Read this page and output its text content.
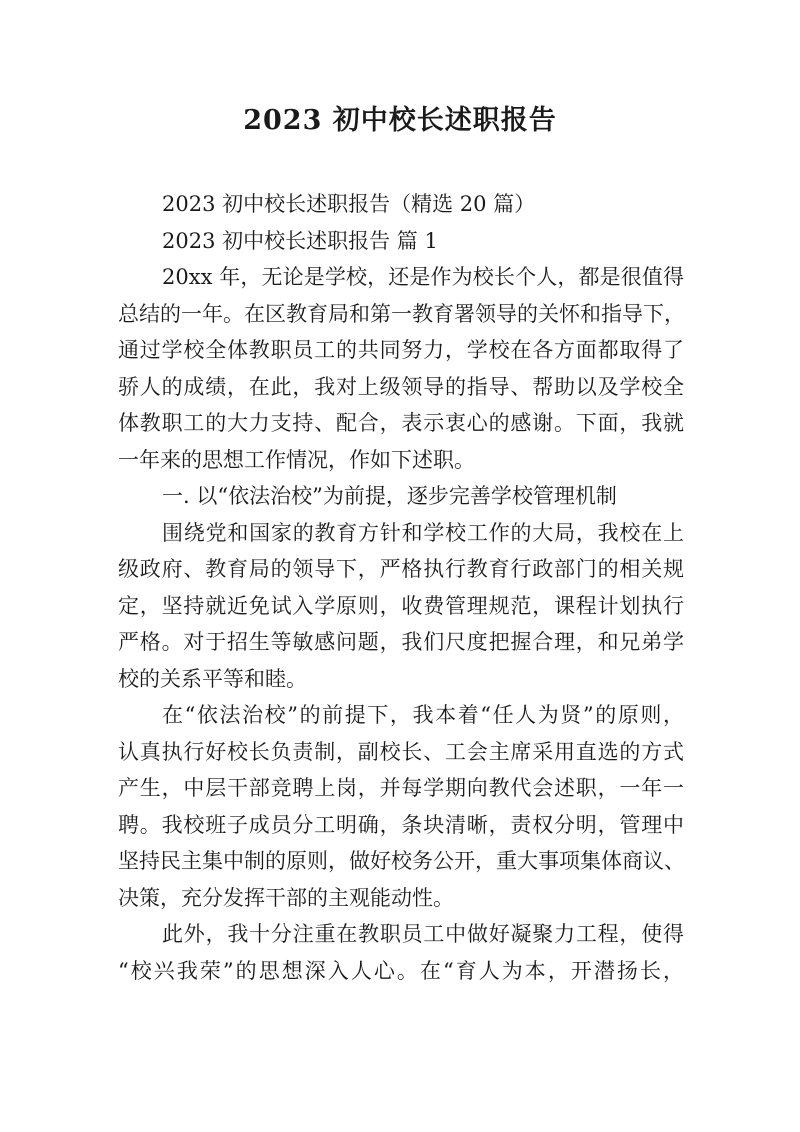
2023 初中校长述职报告

2023 初中校长述职报告（精选 20 篇）

2023 初中校长述职报告 篇 1

20xx 年，无论是学校，还是作为校长个人，都是很值得

总结的一年。在区教育局和第一教育署领导的关怀和指导下，

通过学校全体教职员工的共同努力，学校在各方面都取得了

骄人的成绩，在此，我对上级领导的指导、帮助以及学校全

体教职工的大力支持、配合，表示衷心的感谢。下面，我就

一年来的思想工作情况，作如下述职。

一. 以“依法治校”为前提，逐步完善学校管理机制

围绕党和国家的教育方针和学校工作的大局，我校在上

级政府、教育局的领导下，严格执行教育行政部门的相关规

定，坚持就近免试入学原则，收费管理规范，课程计划执行

严格。对于招生等敏感问题，我们尺度把握合理，和兄弟学

校的关系平等和睦。

在“依法治校”的前提下，我本着“任人为贤”的原则，

认真执行好校长负责制，副校长、工会主席采用直选的方式

产生，中层干部竞聘上岗，并每学期向教代会述职，一年一

聘。我校班子成员分工明确，条块清晰，责权分明，管理中

坚持民主集中制的原则，做好校务公开，重大事项集体商议、

决策，充分发挥干部的主观能动性。

此外，我十分注重在教职员工中做好凝聚力工程，使得

“校兴我荣”的思想深入人心。在“育人为本，开潜扬长，
